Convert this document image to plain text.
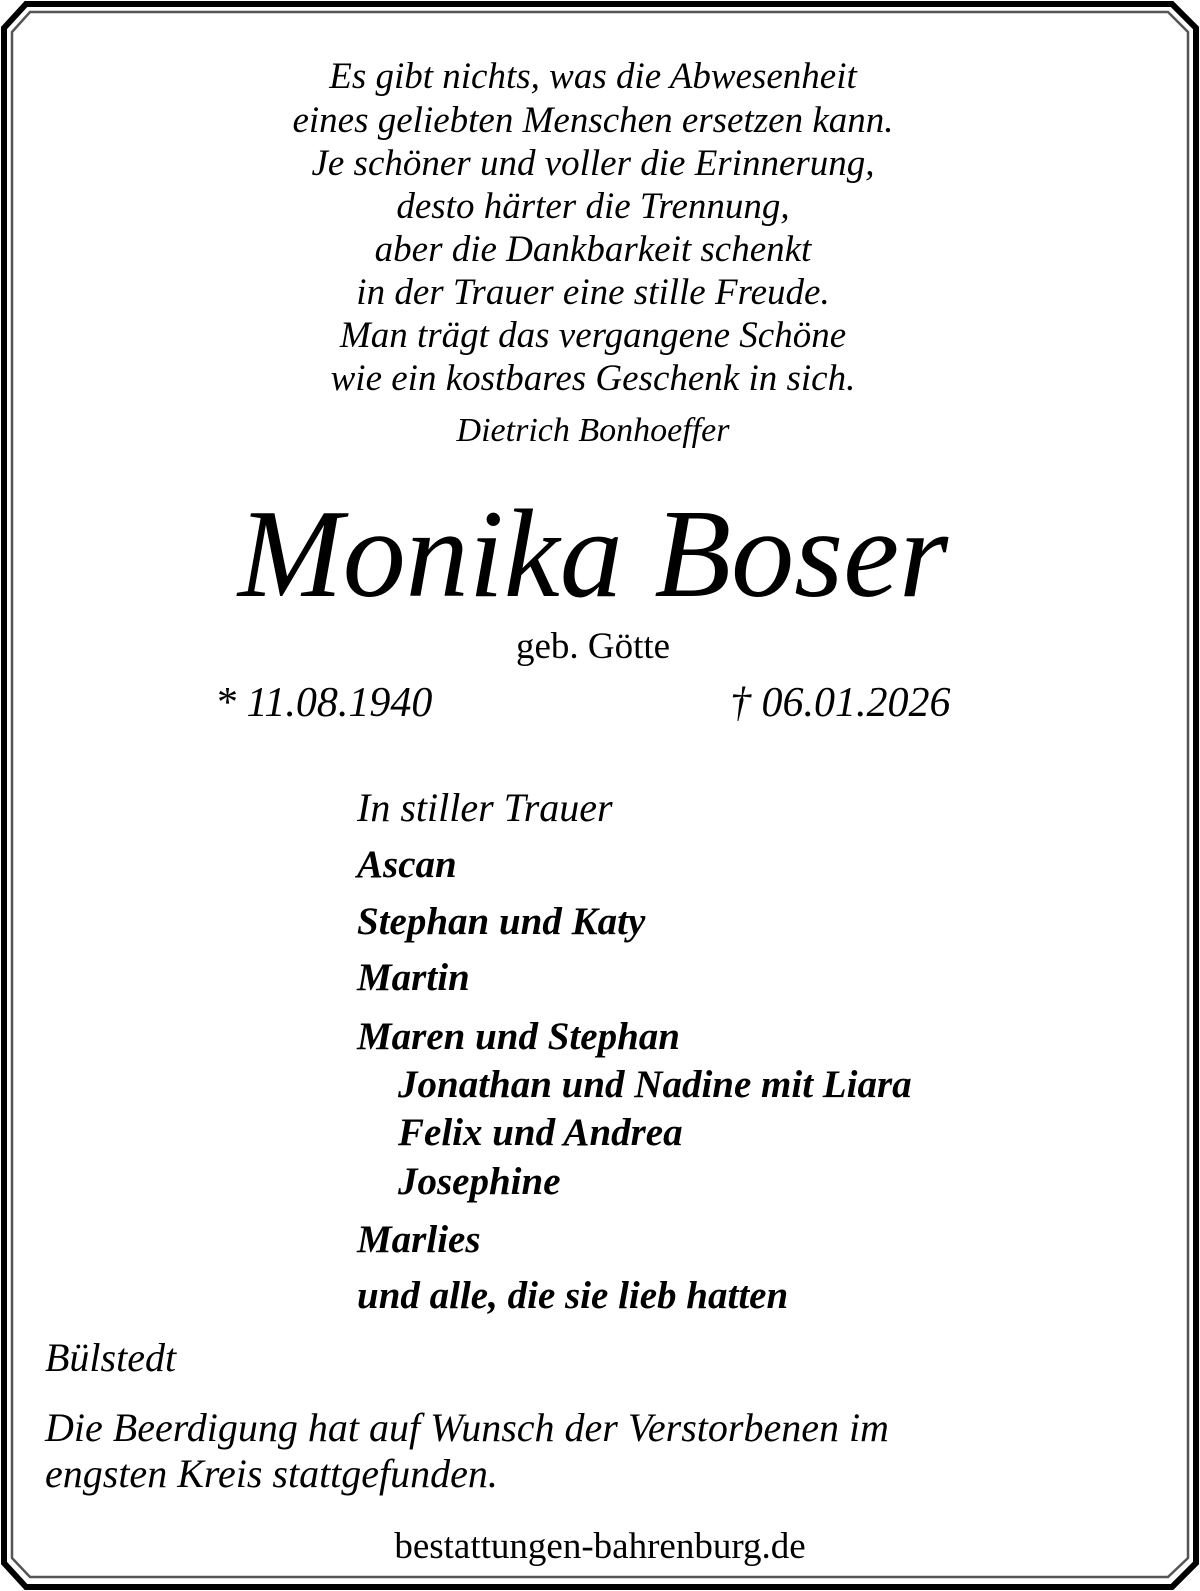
Es gibt nichts, was die Abwesenheit
eines geliebten Menschen ersetzen kann.
Je schöner und voller die Erinnerung,
desto härter die Trennung,
aber die Dankbarkeit schenkt
in der Trauer eine stille Freude.
Man trägt das vergangene Schöne
wie ein kostbares Geschenk in sich.
Dietrich Bonhoeffer
Monika Boser
geb. Götte
* 11.08.1940	† 06.01.2026
In stiller Trauer
Ascan
Stephan und Katy
Martin
Maren und Stephan
Jonathan und Nadine mit Liara
Felix und Andrea
Josephine
Marlies
und alle, die sie lieb hatten
Bülstedt
Die Beerdigung hat auf Wunsch der Verstorbenen im
engsten Kreis stattgefunden.
bestattungen-bahrenburg.de
